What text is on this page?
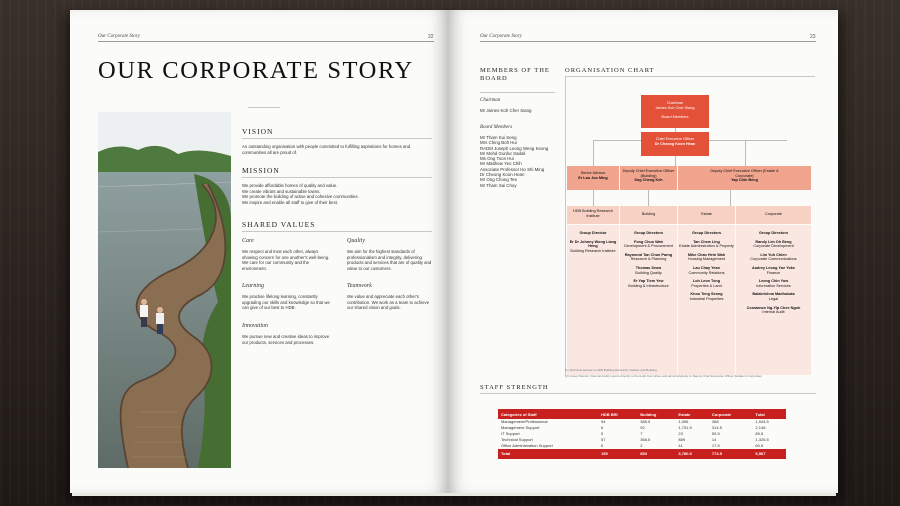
Our Corporate Story	22
OUR CORPORATE STORY
VISION
An outstanding organisation with people committed to fulfilling aspirations for homes and communities all are proud of.
MISSION
We provide affordable homes of quality and value.
We create vibrant and sustainable towns.
We promote the building of active and cohesive communities.
We inspire and enable all staff to give of their best.
SHARED VALUES
Care
We respect and trust each other, always showing concern for one another's well-being. We care for our community and the environment.
Quality
We aim for the highest standards of professionalism and integrity, delivering products and services that are of quality and value to our customers.
Learning
We practise lifelong learning, constantly upgrading our skills and knowledge so that we can give of our best to HDB.
Teamwork
We value and appreciate each other's contribution. We work as a team to achieve our shared vision and goals.
Innovation
We pursue new and creative ideas to improve our products, services and processes.
Our Corporate Story	23
MEMBERS OF THE BOARD
Chairman
Mr James Koh Cher Siang
Board Members
Mr Tham Kui Seng
Mrs Ching Boh Hui
RADM Joseph Leong Weng Keong
Mr Mohd Gunfur Sadali
Ms Ong Toon Hui
Mr Matthew Yeo Chih
Associate Professor Ho Shi Ming
Dr Cheong Koon Hean
Mr Ong Chong Tee
Mr Tham Sai Choy
ORGANISATION CHART
Chairman
James Koh Cher Siang
Board Members
Chief Executive Officer
Dr Cheong Koon Hean
Senior Advisor
Er Lau Joo Ming
Deputy Chief Executive Officer (Building)
Sng Cheng Keh
Deputy Chief Executive Officer (Estate & Corporate)
Yap Chin Beng
HDB Building Research Institute	Building	Estate	Corporate
Group Director
Er Dr Johnny Wong Liang Heng
Building Research Institute
Group Directors
Fong Chun Wah
Development & Procurement
Raymond Tan Chun Parng
Research & Planning
Thomas Seow
Building Quality
Er Yap Tiem Yew
Building & Infrastructure
Group Directors
Tan Chew Ling
Estate Administration & Property
Mike Chan Hein Wah
Housing Management
Lau Chay Yean
Community Relations
Loh Leon Tong
Properties & Land
Khoo Teng Seong
Industrial Properties
Group Directors
Randy Lim Oh Beng
Corporate Development
Lim Yuh Chien
Corporate Communications
Audrey Leong Yue Yoke
Finance
Leong Chin Yow
Information Services
Balakrishna Madhukala
Legal
Constance Ng-Yip Chee Ngoh
Internal Audit
(1) Technical advisor to HDB Building Research Institute and Building
(2) Group Director (Internal Audit) reports directly to the Audit Committee and administratively to Deputy Chief Executive Officer (Estate & Corporate)
STAFF STRENGTH
Categories of Staff	HDB BRI	Building	Estate	Corporate	Total
Management/Professional	94	385.5	1,096	368	1,944.5
Management Support	6	92	1,731.5	314.5	2,146
IT Support	0	7	23	59.5	89.5
Technical Support	57	366.5	889	14	1,326.5
Office Administration Support	0	2	41	17.5	60.5
Total	159	853	3,780.5	774.5	5,567
